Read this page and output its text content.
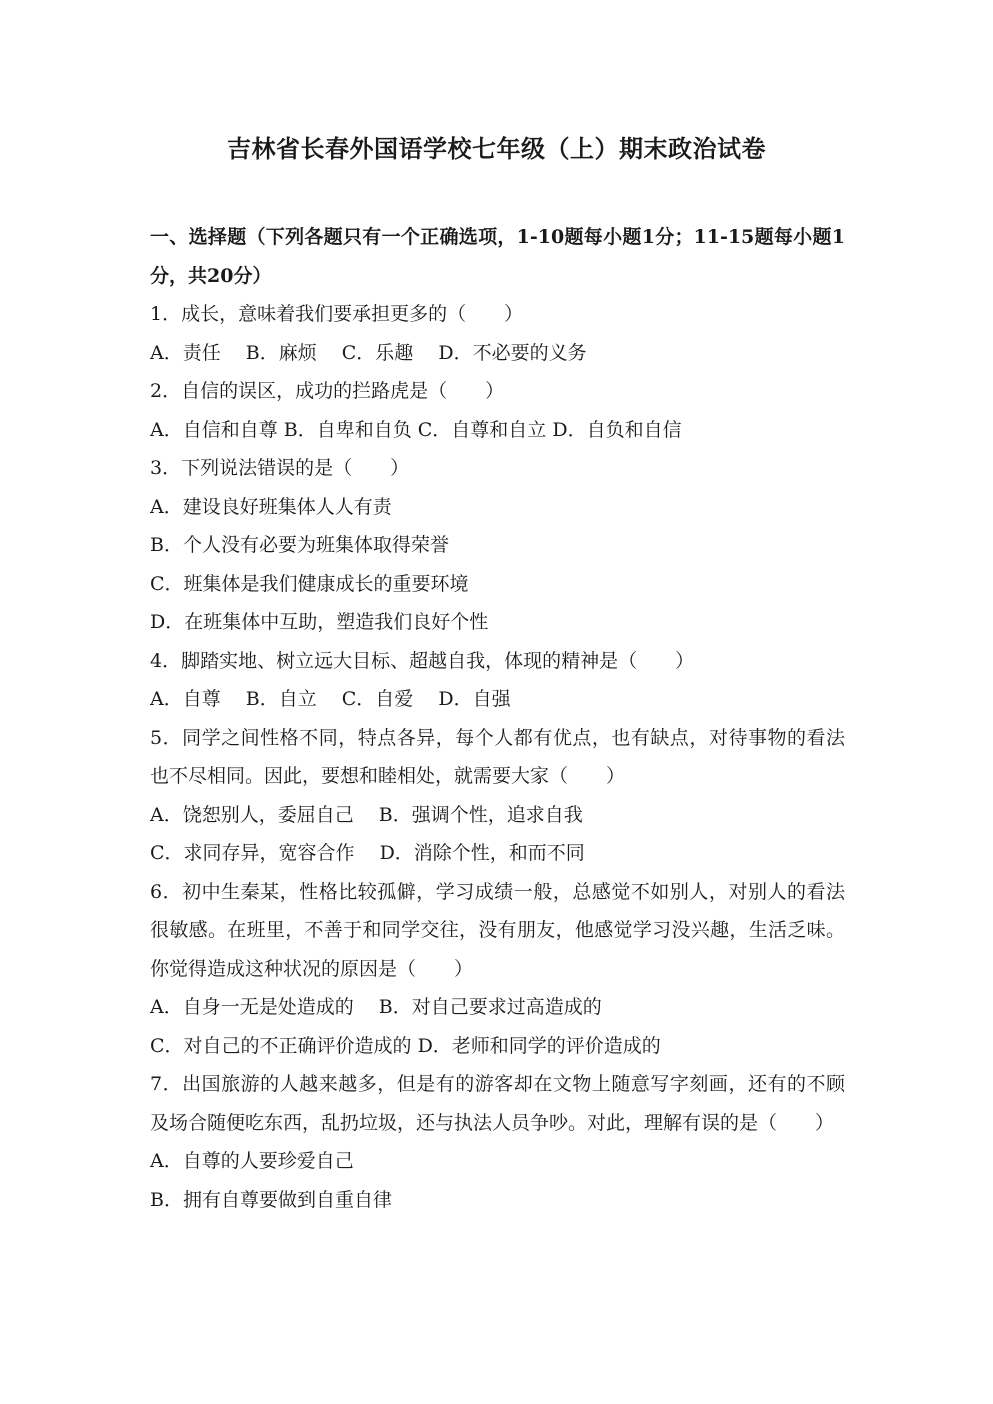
吉林省长春外国语学校七年级（上）期末政治试卷
一、选择题（下列各题只有一个正确选项，1-10题每小题1分；11-15题每小题1分，共20分）
1．成长，意味着我们要承担更多的（　　）
A．责任　 B．麻烦　 C．乐趣　 D．不必要的义务
2．自信的误区，成功的拦路虎是（　　）
A．自信和自尊 B．自卑和自负 C．自尊和自立 D．自负和自信
3．下列说法错误的是（　　）
A．建设良好班集体人人有责
B．个人没有必要为班集体取得荣誉
C．班集体是我们健康成长的重要环境
D．在班集体中互助，塑造我们良好个性
4．脚踏实地、树立远大目标、超越自我，体现的精神是（　　）
A．自尊　 B．自立　 C．自爱　 D．自强
5．同学之间性格不同，特点各异，每个人都有优点，也有缺点，对待事物的看法也不尽相同。因此，要想和睦相处，就需要大家（　　）
A．饶恕别人，委屈自己　 B．强调个性，追求自我
C．求同存异，宽容合作　 D．消除个性，和而不同
6．初中生秦某，性格比较孤僻，学习成绩一般，总感觉不如别人，对别人的看法很敏感。在班里，不善于和同学交往，没有朋友，他感觉学习没兴趣，生活乏味。你觉得造成这种状况的原因是（　　）
A．自身一无是处造成的　 B．对自己要求过高造成的
C．对自己的不正确评价造成的 D．老师和同学的评价造成的
7．出国旅游的人越来越多，但是有的游客却在文物上随意写字刻画，还有的不顾及场合随便吃东西，乱扔垃圾，还与执法人员争吵。对此，理解有误的是（　　）
A．自尊的人要珍爱自己
B．拥有自尊要做到自重自律
